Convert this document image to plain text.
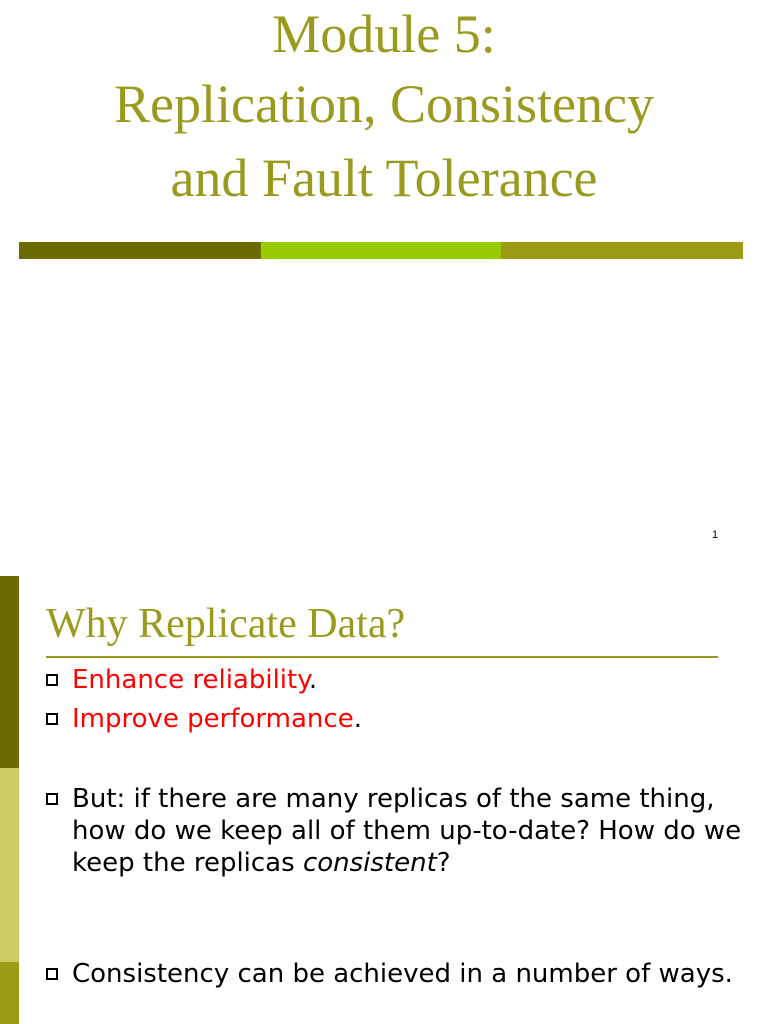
Module 5:
Replication, Consistency
and Fault Tolerance
1
Why Replicate Data?
Enhance reliability.
Improve performance.
But: if there are many replicas of the same thing, how do we keep all of them up-to-date? How do we keep the replicas consistent?
Consistency can be achieved in a number of ways.
